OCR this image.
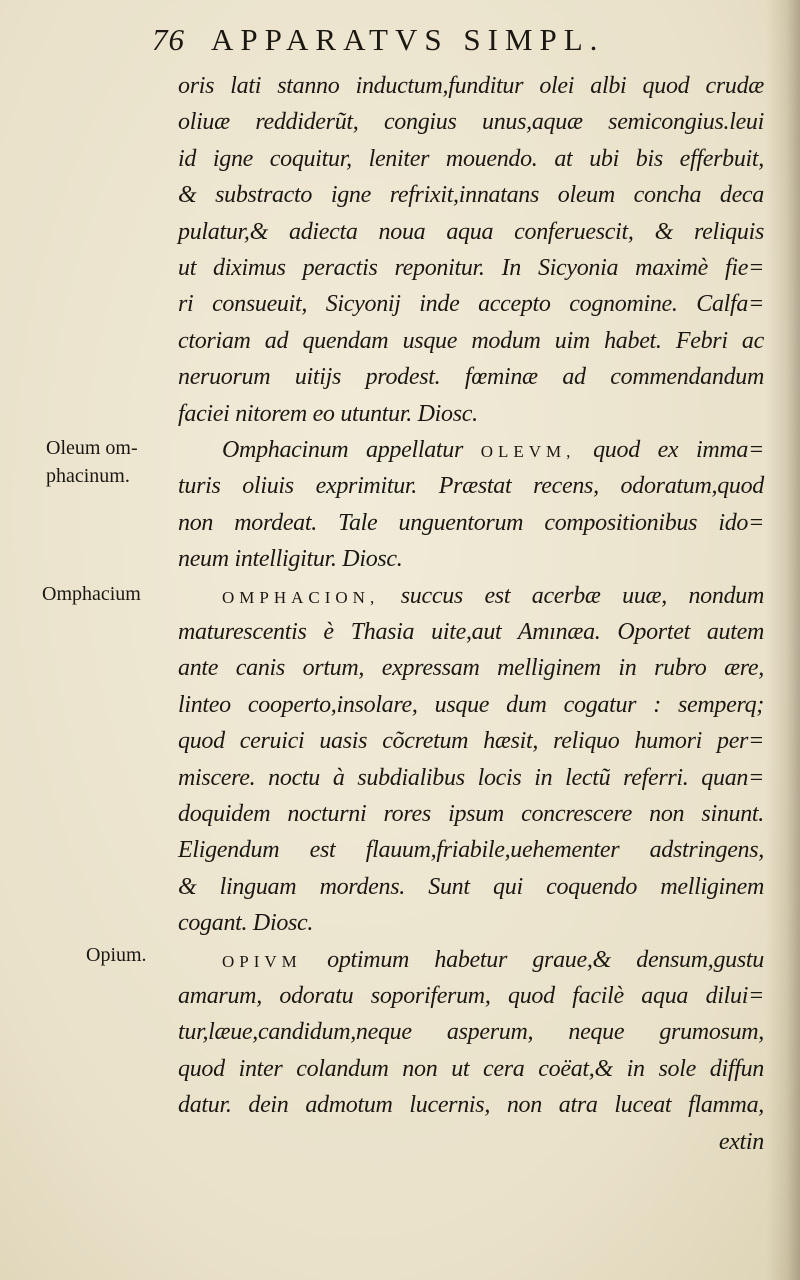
76 APPARATVS SIMPL.
Oleum om-
phacinum.
Omphacium
Opium.
oris lati stanno inductum,funditur olei albi quod crudæ
oliuæ reddiderũt, congius unus,aquæ semicongius.leui
id igne coquitur, leniter mouendo. at ubi bis efferbuit,
& substracto igne refrixit,innatans oleum concha deca
pulatur,& adiecta noua aqua conferuescit, & reliquis
ut diximus peractis reponitur. In Sicyonia maximè fie=
ri consueuit, Sicyonij inde accepto cognomine. Calfa=
ctoriam ad quendam usque modum uim habet. Febri ac
neruorum uitijs prodest. fœminæ ad commendandum
faciei nitorem eo utuntur. Diosc.
Omphacinum appellatur OLEVM, quod ex imma=
turis oliuis exprimitur. Præstat recens, odoratum,quod
non mordeat. Tale unguentorum compositionibus ido=
neum intelligitur. Diosc.
OMPHACION, succus est acerbæ uuæ, nondum
maturescentis è Thasia uite,aut Amınæa. Oportet autem
ante canis ortum, expressam melliginem in rubro ære,
linteo cooperto,insolare, usque dum cogatur : semperq;
quod ceruici uasis cõcretum hæsit, reliquo humori per=
miscere. noctu à subdialibus locis in lectũ referri. quan=
doquidem nocturni rores ipsum concrescere non sinunt.
Eligendum est flauum,friabile,uehementer adstringens,
& linguam mordens. Sunt qui coquendo melliginem
cogant. Diosc.
OPIVM optimum habetur graue,& densum,gustu
amarum, odoratu soporiferum, quod facilè aqua dilui=
tur,læue,candidum,neque asperum, neque grumosum,
quod inter colandum non ut cera coëat,& in sole diffun
datur. dein admotum lucernis, non atra luceat flamma,
extin
